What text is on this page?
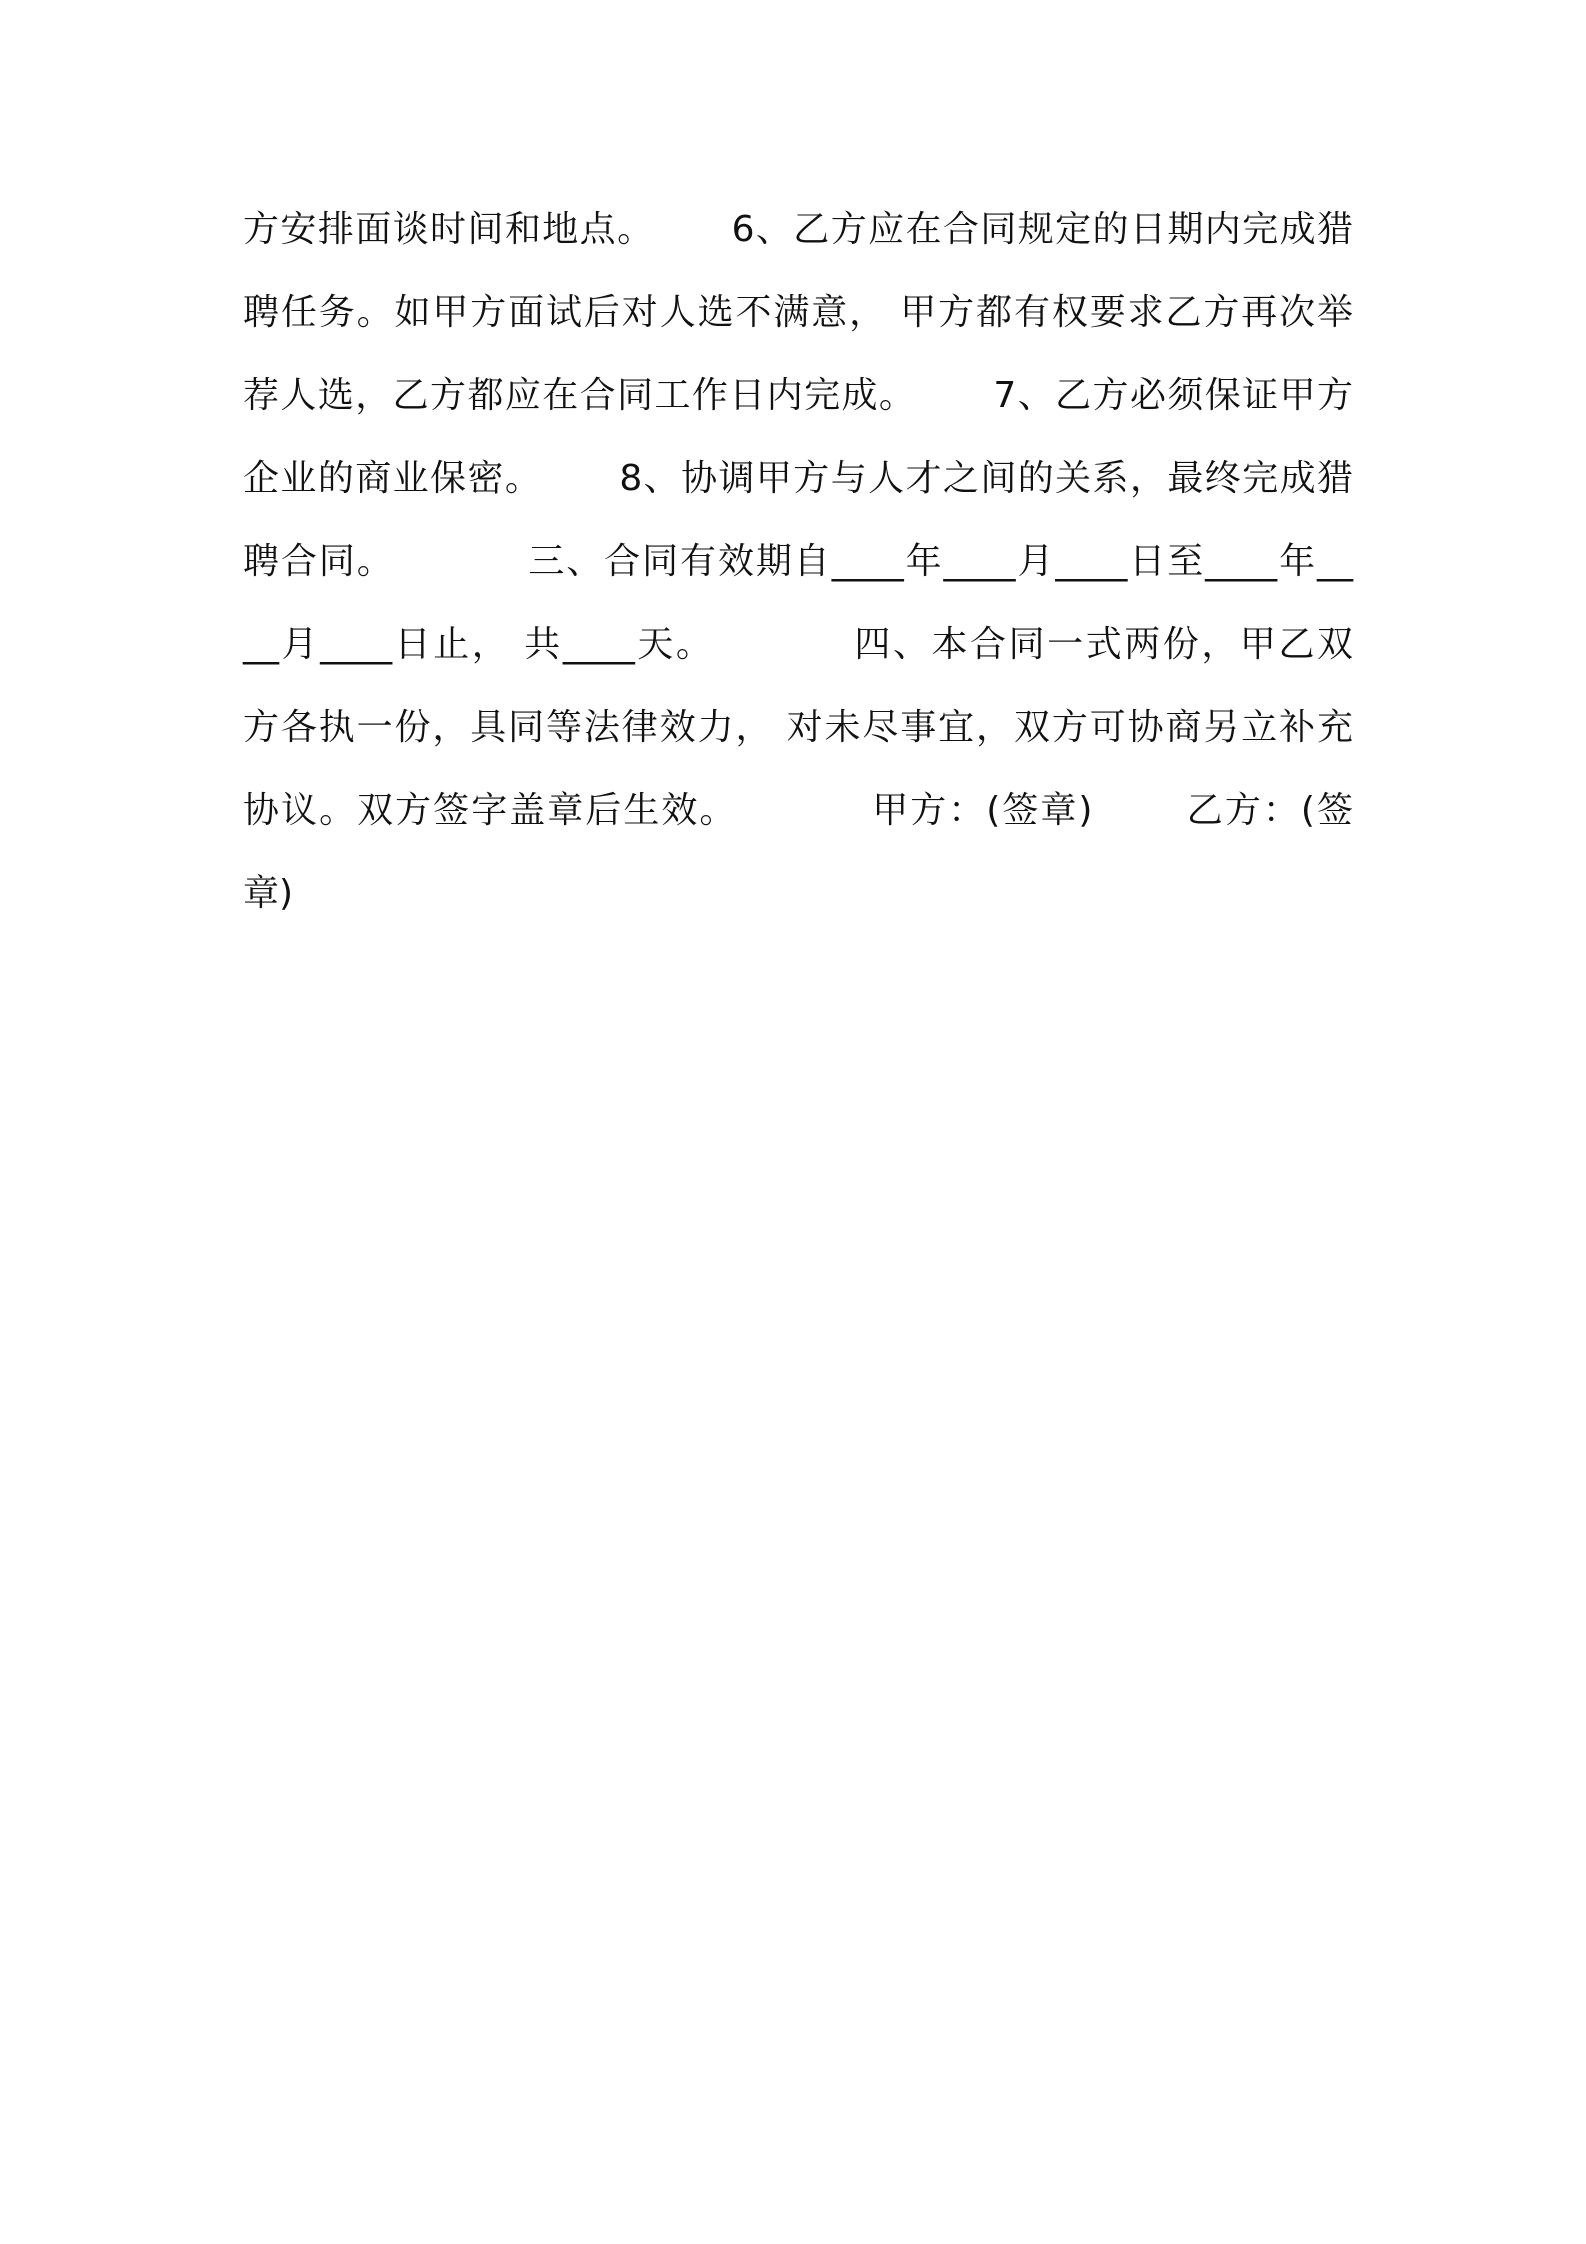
方安排面谈时间和地点。      6、乙方应在合同规定的日期内完成猎
聘任务。如甲方面试后对人选不满意， 甲方都有权要求乙方再次举
荐人选，乙方都应在合同工作日内完成。      7、乙方必须保证甲方
企业的商业保密。      8、协调甲方与人才之间的关系，最终完成猎
聘合同。          三、合同有效期自____年____月____日至____年__
__月____日止， 共____天。          四、本合同一式两份，甲乙双
方各执一份，具同等法律效力， 对未尽事宜，双方可协商另立补充
协议。双方签字盖章后生效。          甲方：(签章)       乙方：(签
章)
